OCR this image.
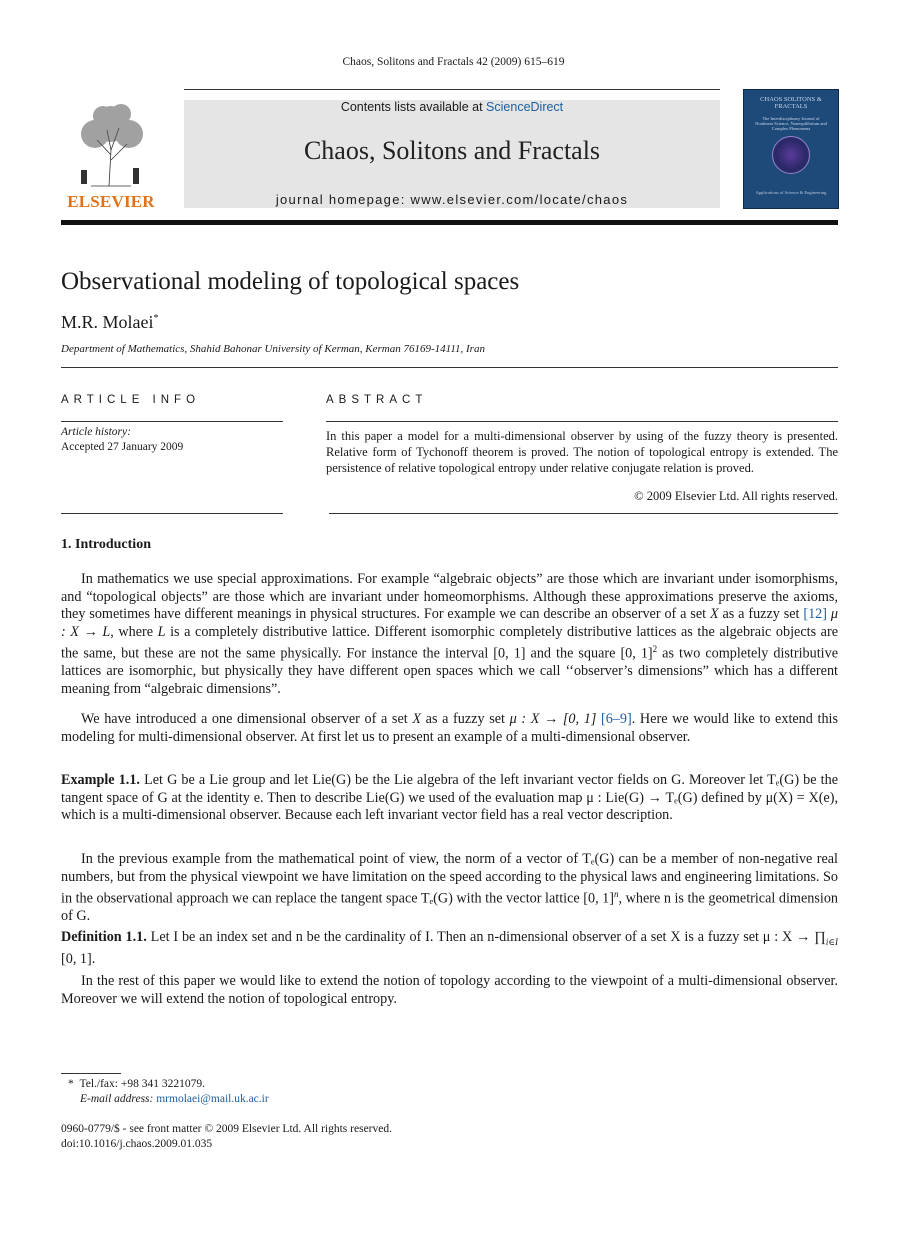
Chaos, Solitons and Fractals 42 (2009) 615–619
ELSEVIER
Contents lists available at ScienceDirect
Chaos, Solitons and Fractals
journal homepage: www.elsevier.com/locate/chaos
CHAOS SOLITONS & FRACTALS
The Interdisciplinary Journal of Nonlinear Science, Nonequilibrium and Complex Phenomena
Applications of Science & Engineering
Observational modeling of topological spaces
M.R. Molaei*
Department of Mathematics, Shahid Bahonar University of Kerman, Kerman 76169-14111, Iran
ARTICLE INFO
Article history:
Accepted 27 January 2009
ABSTRACT
In this paper a model for a multi-dimensional observer by using of the fuzzy theory is presented. Relative form of Tychonoff theorem is proved. The notion of topological entropy is extended. The persistence of relative topological entropy under relative conjugate relation is proved.
© 2009 Elsevier Ltd. All rights reserved.
1. Introduction
In mathematics we use special approximations. For example “algebraic objects” are those which are invariant under isomorphisms, and “topological objects” are those which are invariant under homeomorphisms. Although these approximations preserve the axioms, they sometimes have different meanings in physical structures. For example we can describe an observer of a set X as a fuzzy set [12] μ : X → L, where L is a completely distributive lattice. Different isomorphic completely distributive lattices as the algebraic objects are the same, but these are not the same physically. For instance the interval [0, 1] and the square [0, 1]$^2$ as two completely distributive lattices are isomorphic, but physically they have different open spaces which we call ‘‘observer’s dimensions” which has a different meaning from “algebraic dimensions”.
We have introduced a one dimensional observer of a set X as a fuzzy set μ : X → [0, 1] [6–9]. Here we would like to extend this modeling for multi-dimensional observer. At first let us to present an example of a multi-dimensional observer.
Example 1.1. Let G be a Lie group and let Lie(G) be the Lie algebra of the left invariant vector fields on G. Moreover let Tₑ(G) be the tangent space of G at the identity e. Then to describe Lie(G) we used of the evaluation map μ : Lie(G) → Tₑ(G) defined by μ(X) = X(e), which is a multi-dimensional observer. Because each left invariant vector field has a real vector description.
In the previous example from the mathematical point of view, the norm of a vector of Tₑ(G) can be a member of non-negative real numbers, but from the physical viewpoint we have limitation on the speed according to the physical laws and engineering limitations. So in the observational approach we can replace the tangent space Tₑ(G) with the vector lattice [0, 1]$^n$, where n is the geometrical dimension of G.
Definition 1.1. Let I be an index set and n be the cardinality of I. Then an n-dimensional observer of a set X is a fuzzy set μ : $X \to \prod_{i\in I}$ [0, 1].
In the rest of this paper we would like to extend the notion of topology according to the viewpoint of a multi-dimensional observer. Moreover we will extend the notion of topological entropy.
* Tel./fax: +98 341 3221079.
E-mail address: mrmolaei@mail.uk.ac.ir
0960-0779/$ - see front matter © 2009 Elsevier Ltd. All rights reserved.
doi:10.1016/j.chaos.2009.01.035
